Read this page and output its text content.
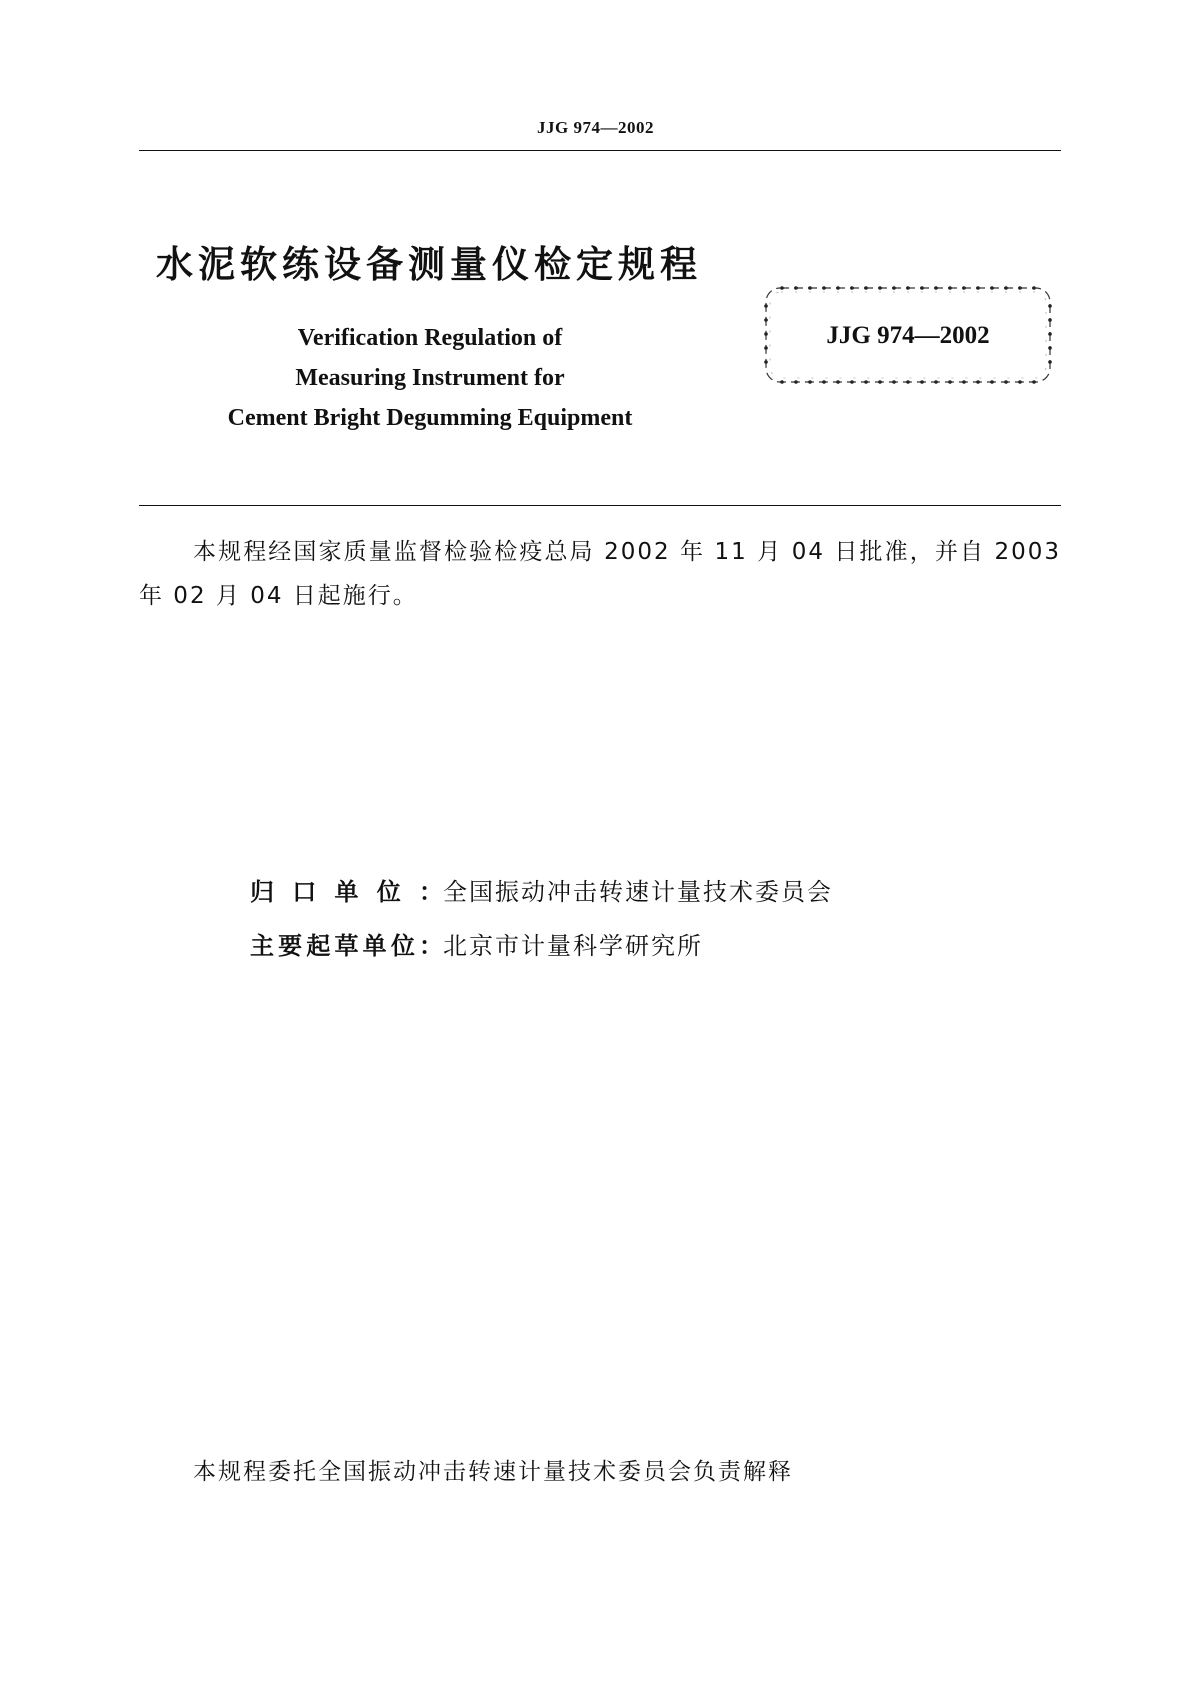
JJG 974—2002
水泥软练设备测量仪检定规程
Verification Regulation of
Measuring Instrument for
Cement Bright Degumming Equipment
JJG 974—2002
本规程经国家质量监督检验检疫总局 2002 年 11 月 04 日批准，并自 2003 年 02 月 04 日起施行。
归口单位：全国振动冲击转速计量技术委员会
主要起草单位：北京市计量科学研究所
本规程委托全国振动冲击转速计量技术委员会负责解释
